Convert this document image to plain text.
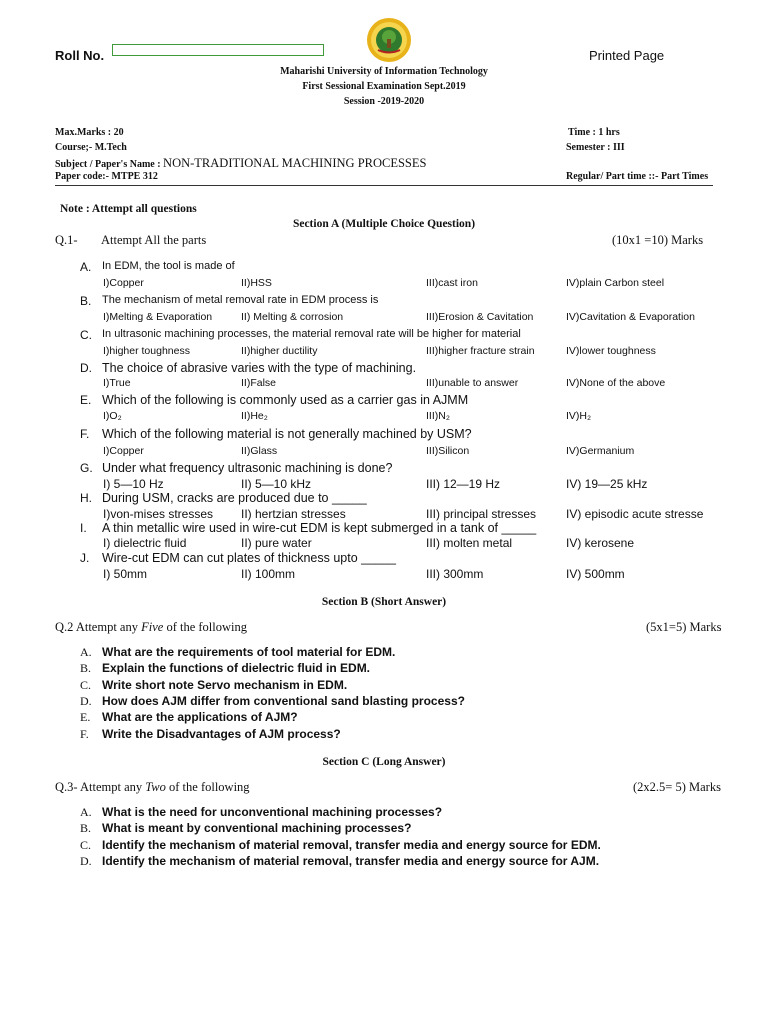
Roll No.	Printed Page
Maharishi University of Information Technology
First Sessional Examination Sept.2019
Session -2019-2020
Max.Marks : 20	Time : 1 hrs
Course;- M.Tech	Semester : III
Subject / Paper's Name : NON-TRADITIONAL MACHINING PROCESSES
Paper code:- MTPE 312	Regular/ Part time ::- Part Times
Note : Attempt all questions
Section A (Multiple Choice Question)
Q.1- Attempt All the parts	(10x1 =10) Marks
A. In EDM, the tool is made of
I)Copper	II)HSS	III)cast iron	IV)plain Carbon steel
B. The mechanism of metal removal rate in EDM process is
I)Melting & Evaporation	II) Melting & corrosion	III)Erosion & Cavitation	IV)Cavitation & Evaporation
C. In ultrasonic machining processes, the material removal rate will be higher for material
I)higher toughness	II)higher ductility	III)higher fracture strain	IV)lower toughness
D. The choice of abrasive varies with the type of machining.
I)True	II)False	III)unable to answer	IV)None of the above
E. Which of the following is commonly used as a carrier gas in AJMM
I)O₂	II)He₂	III)N₂	IV)H₂
F. Which of the following material is not generally machined by USM?
I)Copper	II)Glass	III)Silicon	IV)Germanium
G. Under what frequency ultrasonic machining is done?
I) 5—10 Hz	II) 5—10 kHz	III) 12—19 Hz	IV) 19—25 kHz
H. During USM, cracks are produced due to _____
I)von-mises stresses II) hertzian stresses	III) principal stresses IV) episodic acute stresse
I. A thin metallic wire used in wire-cut EDM is kept submerged in a tank of _____
I) dielectric fluid	II) pure water	III) molten metal	IV) kerosene
J. Wire-cut EDM can cut plates of thickness upto _____
I) 50mm	II) 100mm	III) 300mm	IV) 500mm
Section B (Short Answer)
Q.2 Attempt any Five of the following	(5x1=5) Marks
A. What are the requirements of tool material for EDM.
B. Explain the functions of dielectric fluid in EDM.
C. Write short note Servo mechanism in EDM.
D. How does AJM differ from conventional sand blasting process?
E. What are the applications of AJM?
F. Write the Disadvantages of AJM process?
Section C (Long Answer)
Q.3- Attempt any Two of the following	(2x2.5= 5) Marks
A. What is the need for unconventional machining processes?
B. What is meant by conventional machining processes?
C. Identify the mechanism of material removal, transfer media and energy source for EDM.
D. Identify the mechanism of material removal, transfer media and energy source for AJM.
